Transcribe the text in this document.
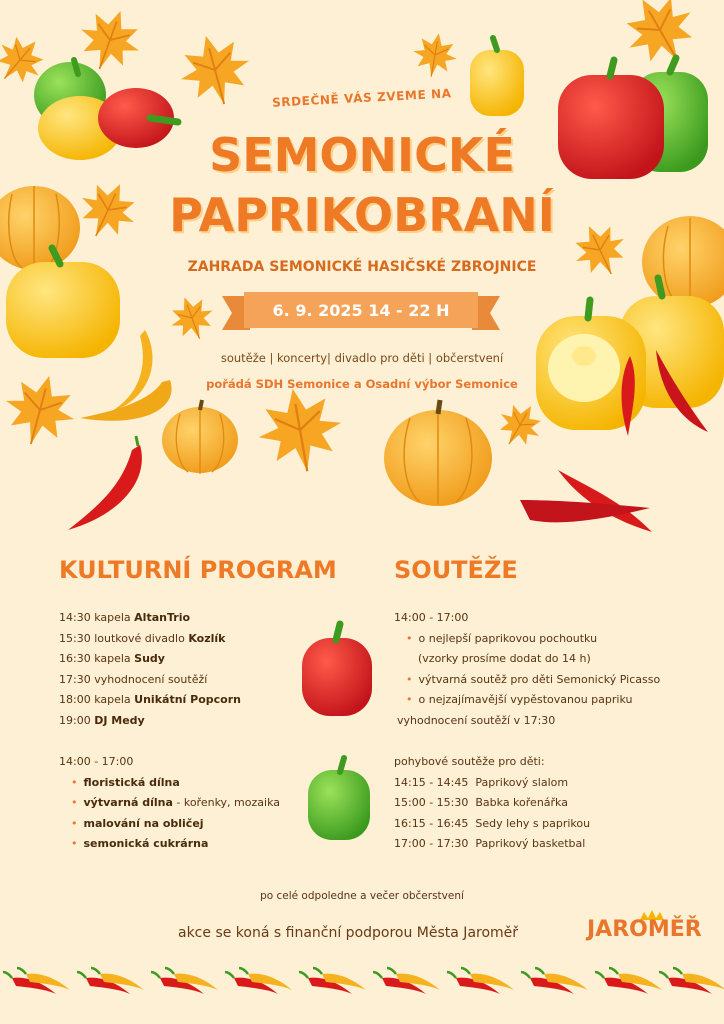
SRDEČNĚ VÁS ZVEME NA
SEMONICKÉ
PAPRIKOBRANÍ
ZAHRADA SEMONICKÉ HASIČSKÉ ZBROJNICE
6. 9. 2025 14 - 22 H
soutěže | koncerty| divadlo pro děti | občerstvení
pořádá SDH Semonice a Osadní výbor Semonice
KULTURNÍ PROGRAM SOUTĚŽE
14:30 kapela AltanTrio
15:30 loutkové divadlo Kozlík
16:30 kapela Sudy
17:30 vyhodnocení soutěží
18:00 kapela Unikátní Popcorn
19:00 DJ Medy
14:00 - 17:00
• floristická dílna
• výtvarná dílna - kořenky, mozaika
• malování na obličej
• semonická cukrárna
14:00 - 17:00
• o nejlepší paprikovou pochoutku
(vzorky prosíme dodat do 14 h)
• výtvarná soutěž pro děti Semonický Picasso
• o nejzajímavější vypěstovanou papriku
vyhodnocení soutěží v 17:30
pohybové soutěže pro děti:
14:15 - 14:45 Paprikový slalom
15:00 - 15:30 Babka kořenářka
16:15 - 16:45 Sedy lehy s paprikou
17:00 - 17:30 Paprikový basketbal
po celé odpoledne a večer občerstvení
akce se koná s finanční podporou Města Jaroměř	JAROMĚŘ
